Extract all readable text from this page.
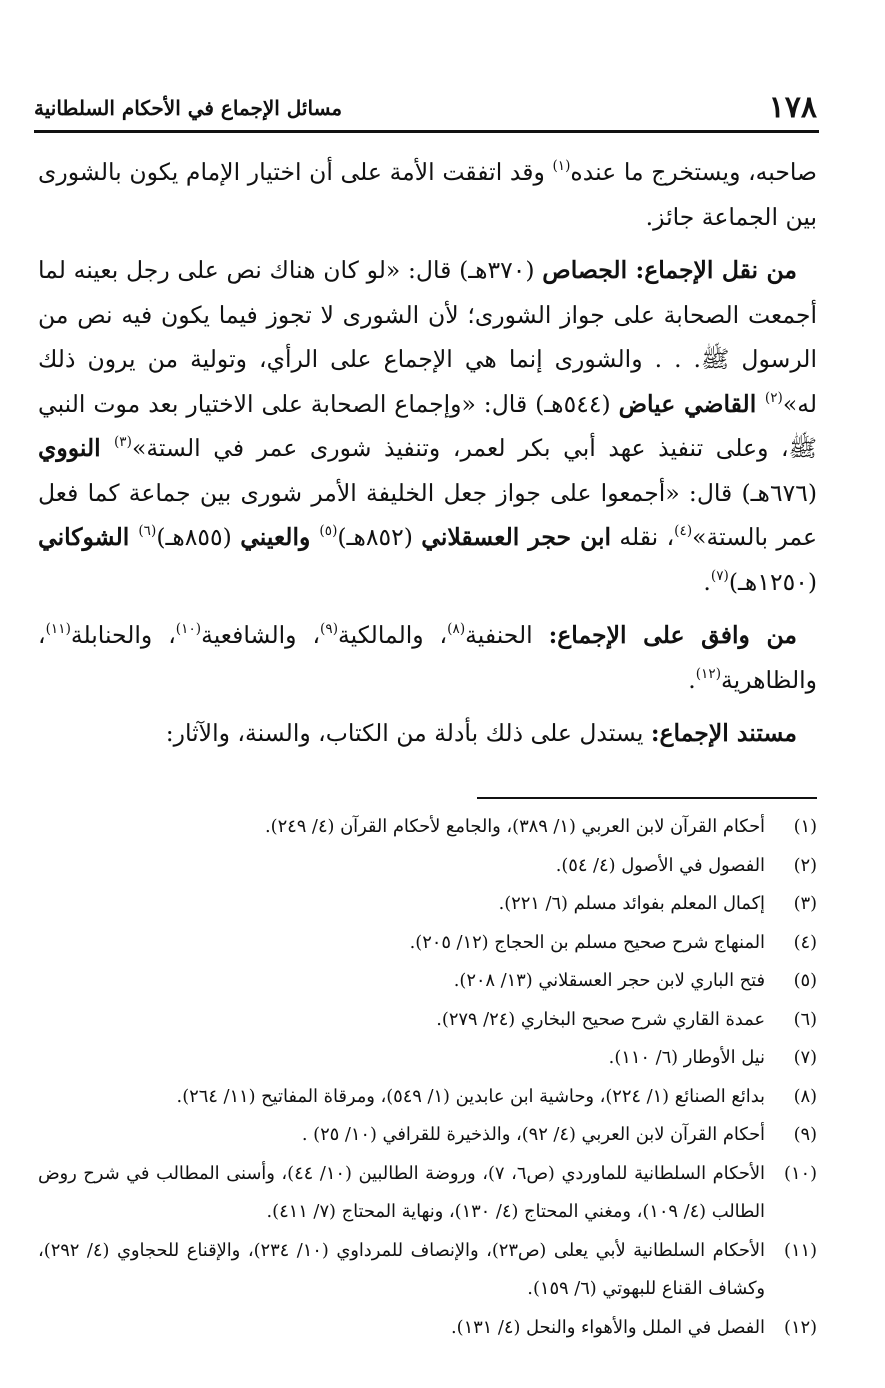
١٧٨
مسائل الإجماع في الأحكام السلطانية

صاحبه، ويستخرج ما عنده$^{(١)}$ وقد اتفقت الأمة على أن اختيار الإمام يكون بالشورى بين الجماعة جائز.

من نقل الإجماع: الجصاص (٣٧٠هـ) قال: «لو كان هناك نص على رجل بعينه لما أجمعت الصحابة على جواز الشورى؛ لأن الشورى لا تجوز فيما يكون فيه نص من الرسول ﷺ. . . والشورى إنما هي الإجماع على الرأي، وتولية من يرون ذلك له»$^{(٢)}$ القاضي عياض (٥٤٤هـ) قال: «وإجماع الصحابة على الاختيار بعد موت النبي ﷺ، وعلى تنفيذ عهد أبي بكر لعمر، وتنفيذ شورى عمر في الستة»$^{(٣)}$ النووي (٦٧٦هـ) قال: «أجمعوا على جواز جعل الخليفة الأمر شورى بين جماعة كما فعل عمر بالستة»$^{(٤)}$، نقله ابن حجر العسقلاني (٨٥٢هـ)$^{(٥)}$ والعيني (٨٥٥هـ)$^{(٦)}$ الشوكاني (١٢٥٠هـ)$^{(٧)}$.

من وافق على الإجماع: الحنفية$^{(٨)}$، والمالكية$^{(٩)}$، والشافعية$^{(١٠)}$، والحنابلة$^{(١١)}$، والظاهرية$^{(١٢)}$.

مستند الإجماع: يستدل على ذلك بأدلة من الكتاب، والسنة، والآثار:

(١)
أحكام القرآن لابن العربي (١/ ٣٨٩)، والجامع لأحكام القرآن (٤/ ٢٤٩).

(٢)
الفصول في الأصول (٤/ ٥٤).

(٣)
إكمال المعلم بفوائد مسلم (٦/ ٢٢١).

(٤)
المنهاج شرح صحيح مسلم بن الحجاج (١٢/ ٢٠٥).

(٥)
فتح الباري لابن حجر العسقلاني (١٣/ ٢٠٨).

(٦)
عمدة القاري شرح صحيح البخاري (٢٤/ ٢٧٩).

(٧)
نيل الأوطار (٦/ ١١٠).

(٨)
بدائع الصنائع (١/ ٢٢٤)، وحاشية ابن عابدين (١/ ٥٤٩)، ومرقاة المفاتيح (١١/ ٢٦٤).

(٩)
أحكام القرآن لابن العربي (٤/ ٩٢)، والذخيرة للقرافي (١٠/ ٢٥) .

(١٠)
الأحكام السلطانية للماوردي (ص٦، ٧)، وروضة الطالبين (١٠/ ٤٤)، وأسنى المطالب في شرح روض الطالب (٤/ ١٠٩)، ومغني المحتاج (٤/ ١٣٠)، ونهاية المحتاج (٧/ ٤١١).

(١١)
الأحكام السلطانية لأبي يعلى (ص٢٣)، والإنصاف للمرداوي (١٠/ ٢٣٤)، والإقناع للحجاوي (٤/ ٢٩٢)، وكشاف القناع للبهوتي (٦/ ١٥٩).

(١٢)
الفصل في الملل والأهواء والنحل (٤/ ١٣١).
